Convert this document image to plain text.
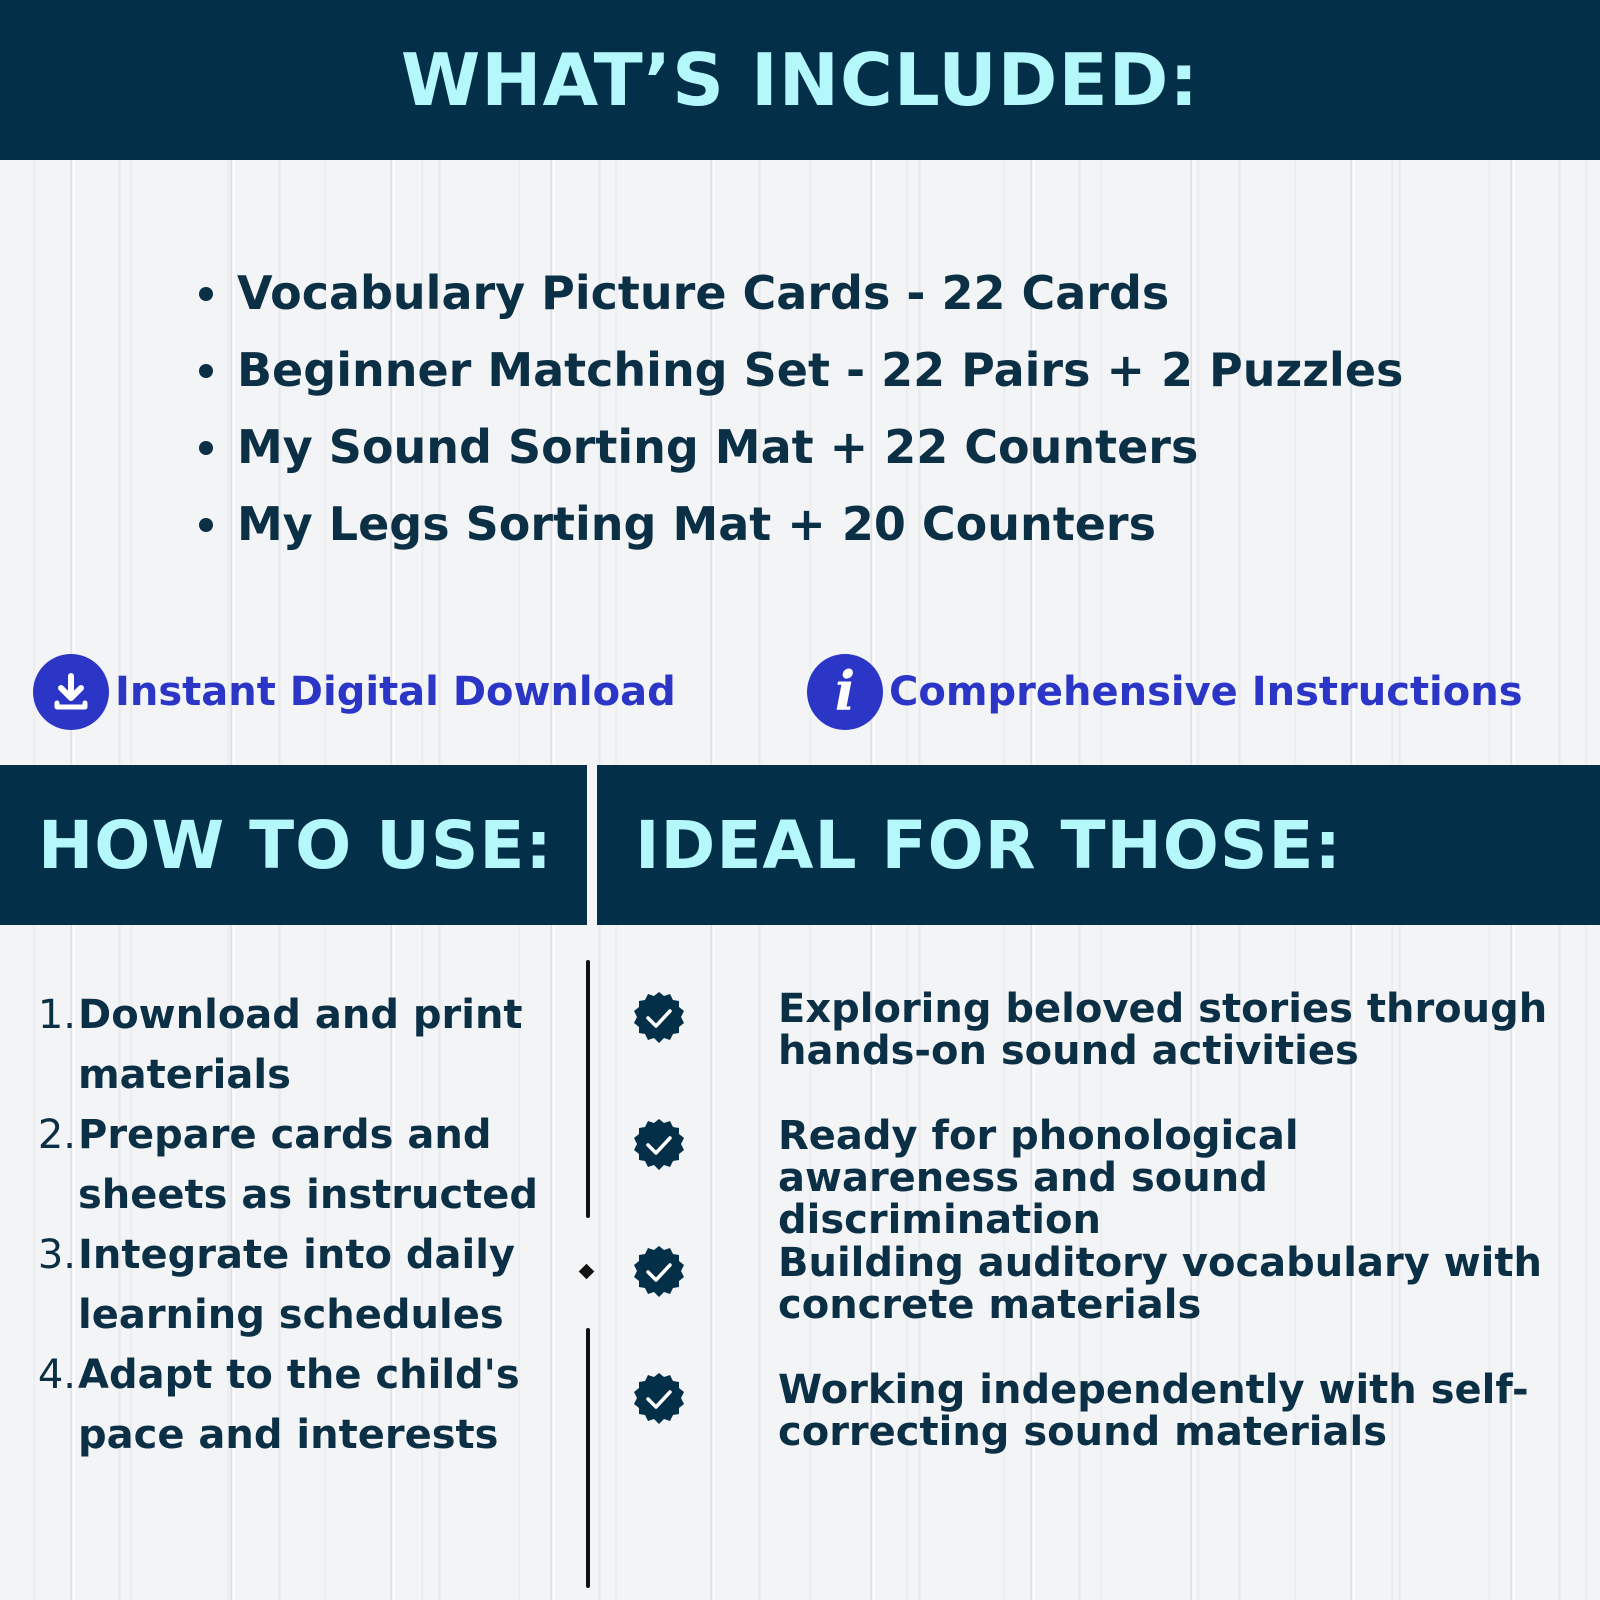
WHAT’S INCLUDED:
Vocabulary Picture Cards - 22 Cards
Beginner Matching Set - 22 Pairs + 2 Puzzles
My Sound Sorting Mat + 22 Counters
My Legs Sorting Mat + 20 Counters
Instant Digital Download	i Comprehensive Instructions
HOW TO USE:	IDEAL FOR THOSE:
1. Download and print materials
2. Prepare cards and sheets as instructed
3. Integrate into daily learning schedules
4. Adapt to the child's pace and interests
Exploring beloved stories through hands-on sound activities
Ready for phonological awareness and sound discrimination
Building auditory vocabulary with concrete materials
Working independently with self-correcting sound materials
